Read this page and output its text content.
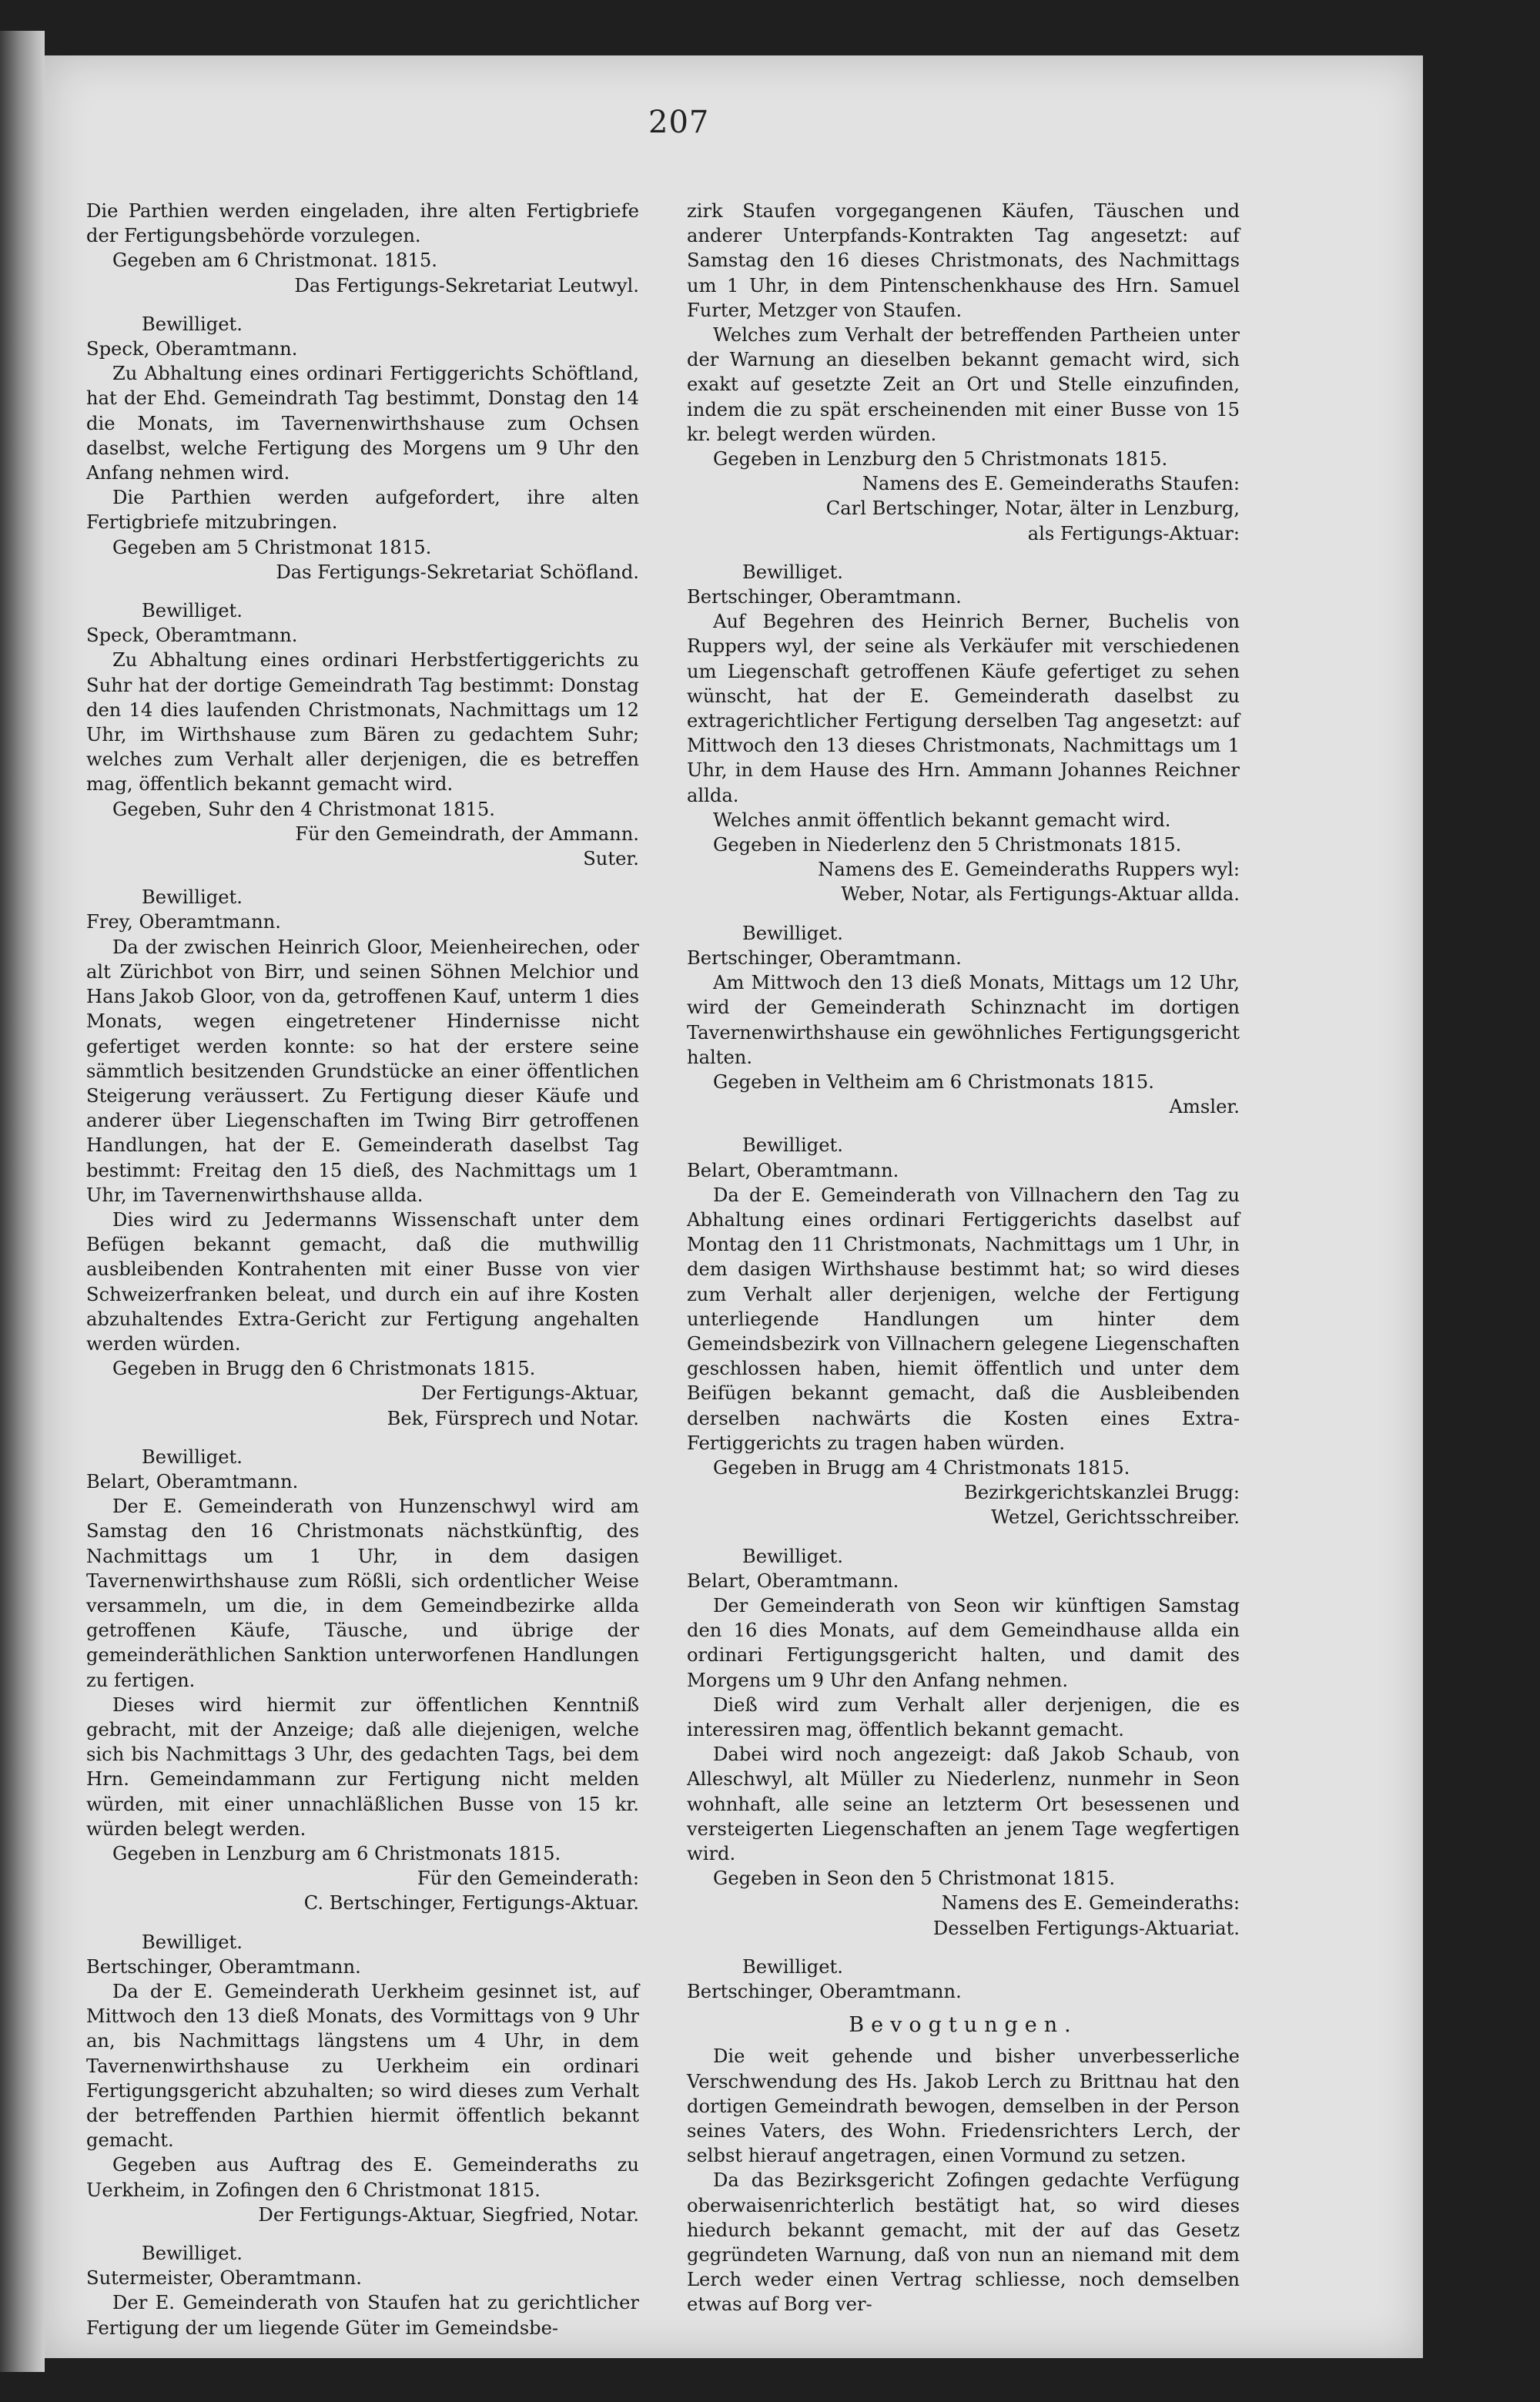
207

Die Parthien werden eingeladen, ihre alten Fertigbriefe der Fertigungsbehörde vorzulegen.

Gegeben am 6 Christmonat. 1815.

Das Fertigungs-Sekretariat Leutwyl.

Bewilliget.

Speck, Oberamtmann.

Zu Abhaltung eines ordinari Fertiggerichts Schöftland, hat der Ehd. Gemeindrath Tag bestimmt, Donstag den 14 die Monats, im Tavernenwirthshause zum Ochsen daselbst, welche Fertigung des Morgens um 9 Uhr den Anfang nehmen wird.

Die Parthien werden aufgefordert, ihre alten Fertigbriefe mitzubringen.

Gegeben am 5 Christmonat 1815.

Das Fertigungs-Sekretariat Schöfland.

Bewilliget.

Speck, Oberamtmann.

Zu Abhaltung eines ordinari Herbstfertiggerichts zu Suhr hat der dortige Gemeindrath Tag bestimmt: Donstag den 14 dies laufenden Christmonats, Nachmittags um 12 Uhr, im Wirthshause zum Bären zu gedachtem Suhr; welches zum Verhalt aller derjenigen, die es betreffen mag, öffentlich bekannt gemacht wird.

Gegeben, Suhr den 4 Christmonat 1815.

Für den Gemeindrath, der Ammann.

Suter.

Bewilliget.

Frey, Oberamtmann.

Da der zwischen Heinrich Gloor, Meienheirechen, oder alt Zürichbot von Birr, und seinen Söhnen Melchior und Hans Jakob Gloor, von da, getroffenen Kauf, unterm 1 dies Monats, wegen eingetretener Hindernisse nicht gefertiget werden konnte: so hat der erstere seine sämmtlich besitzenden Grundstücke an einer öffentlichen Steigerung veräussert. Zu Fertigung dieser Käufe und anderer über Liegenschaften im Twing Birr getroffenen Handlungen, hat der E. Gemeinderath daselbst Tag bestimmt: Freitag den 15 dieß, des Nachmittags um 1 Uhr, im Tavernenwirthshause allda.

Dies wird zu Jedermanns Wissenschaft unter dem Befügen bekannt gemacht, daß die muthwillig ausbleibenden Kontrahenten mit einer Busse von vier Schweizerfranken beleat, und durch ein auf ihre Kosten abzuhaltendes Extra-Gericht zur Fertigung angehalten werden würden.

Gegeben in Brugg den 6 Christmonats 1815.

Der Fertigungs-Aktuar,

Bek, Fürsprech und Notar.

Bewilliget.

Belart, Oberamtmann.

Der E. Gemeinderath von Hunzenschwyl wird am Samstag den 16 Christmonats nächstkünftig, des Nachmittags um 1 Uhr, in dem dasigen Tavernenwirthshause zum Rößli, sich ordentlicher Weise versammeln, um die, in dem Gemeindbezirke allda getroffenen Käufe, Täusche, und übrige der gemeinderäthlichen Sanktion unterworfenen Handlungen zu fertigen.

Dieses wird hiermit zur öffentlichen Kenntniß gebracht, mit der Anzeige; daß alle diejenigen, welche sich bis Nachmittags 3 Uhr, des gedachten Tags, bei dem Hrn. Gemeindammann zur Fertigung nicht melden würden, mit einer unnachläßlichen Busse von 15 kr. würden belegt werden.

Gegeben in Lenzburg am 6 Christmonats 1815.

Für den Gemeinderath:

C. Bertschinger, Fertigungs-Aktuar.

Bewilliget.

Bertschinger, Oberamtmann.

Da der E. Gemeinderath Uerkheim gesinnet ist, auf Mittwoch den 13 dieß Monats, des Vormittags von 9 Uhr an, bis Nachmittags längstens um 4 Uhr, in dem Tavernenwirthshause zu Uerkheim ein ordinari Fertigungsgericht abzuhalten; so wird dieses zum Verhalt der betreffenden Parthien hiermit öffentlich bekannt gemacht.

Gegeben aus Auftrag des E. Gemeinderaths zu Uerkheim, in Zofingen den 6 Christmonat 1815.

Der Fertigungs-Aktuar, Siegfried, Notar.

Bewilliget.

Sutermeister, Oberamtmann.

Der E. Gemeinderath von Staufen hat zu gerichtlicher Fertigung der um liegende Güter im Gemeindsbe-

zirk Staufen vorgegangenen Käufen, Täuschen und anderer Unterpfands-Kontrakten Tag angesetzt: auf Samstag den 16 dieses Christmonats, des Nachmittags um 1 Uhr, in dem Pintenschenkhause des Hrn. Samuel Furter, Metzger von Staufen.

Welches zum Verhalt der betreffenden Partheien unter der Warnung an dieselben bekannt gemacht wird, sich exakt auf gesetzte Zeit an Ort und Stelle einzufinden, indem die zu spät erscheinenden mit einer Busse von 15 kr. belegt werden würden.

Gegeben in Lenzburg den 5 Christmonats 1815.

Namens des E. Gemeinderaths Staufen:

Carl Bertschinger, Notar, älter in Lenzburg,

als Fertigungs-Aktuar:

Bewilliget.

Bertschinger, Oberamtmann.

Auf Begehren des Heinrich Berner, Buchelis von Ruppers wyl, der seine als Verkäufer mit verschiedenen um Liegenschaft getroffenen Käufe gefertiget zu sehen wünscht, hat der E. Gemeinderath daselbst zu extragerichtlicher Fertigung derselben Tag angesetzt: auf Mittwoch den 13 dieses Christmonats, Nachmittags um 1 Uhr, in dem Hause des Hrn. Ammann Johannes Reichner allda.

Welches anmit öffentlich bekannt gemacht wird.

Gegeben in Niederlenz den 5 Christmonats 1815.

Namens des E. Gemeinderaths Ruppers wyl:

Weber, Notar, als Fertigungs-Aktuar allda.

Bewilliget.

Bertschinger, Oberamtmann.

Am Mittwoch den 13 dieß Monats, Mittags um 12 Uhr, wird der Gemeinderath Schinznacht im dortigen Tavernenwirthshause ein gewöhnliches Fertigungsgericht halten.

Gegeben in Veltheim am 6 Christmonats 1815.

Amsler.

Bewilliget.

Belart, Oberamtmann.

Da der E. Gemeinderath von Villnachern den Tag zu Abhaltung eines ordinari Fertiggerichts daselbst auf Montag den 11 Christmonats, Nachmittags um 1 Uhr, in dem dasigen Wirthshause bestimmt hat; so wird dieses zum Verhalt aller derjenigen, welche der Fertigung unterliegende Handlungen um hinter dem Gemeindsbezirk von Villnachern gelegene Liegenschaften geschlossen haben, hiemit öffentlich und unter dem Beifügen bekannt gemacht, daß die Ausbleibenden derselben nachwärts die Kosten eines Extra-Fertiggerichts zu tragen haben würden.

Gegeben in Brugg am 4 Christmonats 1815.

Bezirkgerichtskanzlei Brugg:

Wetzel, Gerichtsschreiber.

Bewilliget.

Belart, Oberamtmann.

Der Gemeinderath von Seon wir künftigen Samstag den 16 dies Monats, auf dem Gemeindhause allda ein ordinari Fertigungsgericht halten, und damit des Morgens um 9 Uhr den Anfang nehmen.

Dieß wird zum Verhalt aller derjenigen, die es interessiren mag, öffentlich bekannt gemacht.

Dabei wird noch angezeigt: daß Jakob Schaub, von Alleschwyl, alt Müller zu Niederlenz, nunmehr in Seon wohnhaft, alle seine an letzterm Ort besessenen und versteigerten Liegenschaften an jenem Tage wegfertigen wird.

Gegeben in Seon den 5 Christmonat 1815.

Namens des E. Gemeinderaths:

Desselben Fertigungs-Aktuariat.

Bewilliget.

Bertschinger, Oberamtmann.

Bevogtungen.

Die weit gehende und bisher unverbesserliche Verschwendung des Hs. Jakob Lerch zu Brittnau hat den dortigen Gemeindrath bewogen, demselben in der Person seines Vaters, des Wohn. Friedensrichters Lerch, der selbst hierauf angetragen, einen Vormund zu setzen.

Da das Bezirksgericht Zofingen gedachte Verfügung oberwaisenrichterlich bestätigt hat, so wird dieses hiedurch bekannt gemacht, mit der auf das Gesetz gegründeten Warnung, daß von nun an niemand mit dem Lerch weder einen Vertrag schliesse, noch demselben etwas auf Borg ver-
